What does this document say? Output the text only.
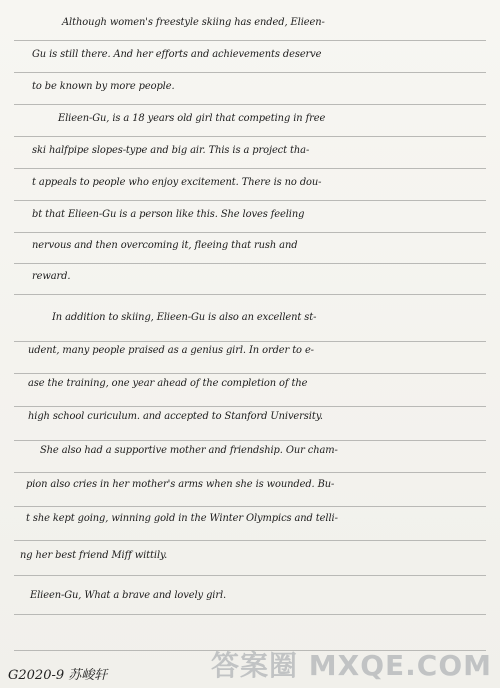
Although women's freestyle skiing has ended, Elieen-
Gu is still there. And her efforts and achievements deserve
to be known by more people.
Elieen-Gu, is a 18 years old girl that competing in free
ski halfpipe slopes-type and big air. This is a project tha-
t appeals to people who enjoy excitement. There is no dou-
bt that Elieen-Gu is a person like this. She loves feeling
nervous and then overcoming it, fleeing that rush and
reward.
In addition to skiing, Elieen-Gu is also an excellent st-
udent, many people praised as a genius girl. In order to e-
ase the training, one year ahead of the completion of the
high school curiculum. and accepted to Stanford University.
She also had a supportive mother and friendship. Our cham-
pion also cries in her mother's arms when she is wounded. Bu-
t she kept going, winning gold in the Winter Olympics and telli-
ng her best friend Miff wittily.
Elieen-Gu, What a brave and lovely girl.
G2020-9 苏峻轩	答案圈 MXQE.COM
